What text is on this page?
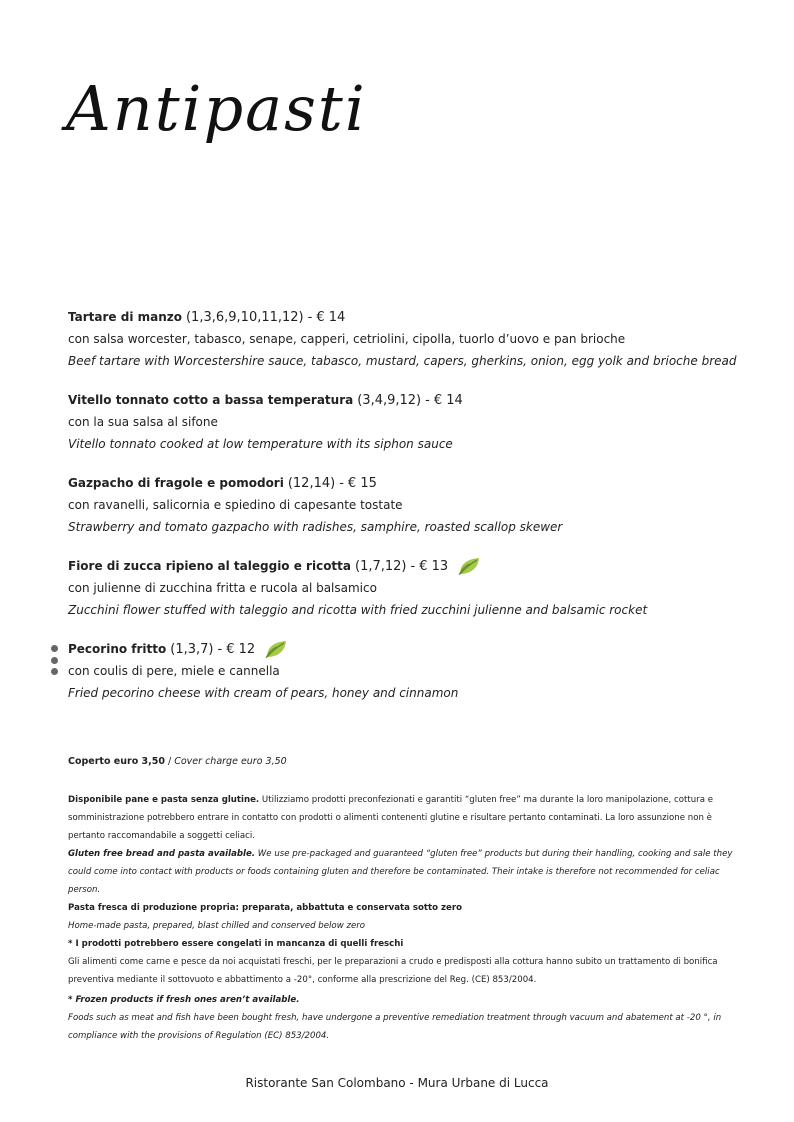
Antipasti
Tartare di manzo (1,3,6,9,10,11,12) - € 14
con salsa worcester, tabasco, senape, capperi, cetriolini, cipolla, tuorlo d’uovo e pan brioche
Beef tartare with Worcestershire sauce, tabasco, mustard, capers, gherkins, onion, egg yolk and brioche bread
Vitello tonnato cotto a bassa temperatura (3,4,9,12) - € 14
con la sua salsa al sifone
Vitello tonnato cooked at low temperature with its siphon sauce
Gazpacho di fragole e pomodori (12,14) - € 15
con ravanelli, salicornia e spiedino di capesante tostate
Strawberry and tomato gazpacho with radishes, samphire, roasted scallop skewer
Fiore di zucca ripieno al taleggio e ricotta (1,7,12) - € 13
con julienne di zucchina fritta e rucola al balsamico
Zucchini flower stuffed with taleggio and ricotta with fried zucchini julienne and balsamic rocket
Pecorino fritto (1,3,7) - € 12
con coulis di pere, miele e cannella
Fried pecorino cheese with cream of pears, honey and cinnamon
Coperto euro 3,50 / Cover charge euro 3,50

Disponibile pane e pasta senza glutine. Utilizziamo prodotti preconfezionati e garantiti “gluten free” ma durante la loro manipolazione, cottura e somministrazione potrebbero entrare in contatto con prodotti o alimenti contenenti glutine e risultare pertanto contaminati. La loro assunzione non è pertanto raccomandabile a soggetti celiaci.

Gluten free bread and pasta available. We use pre-packaged and guaranteed “gluten free” products but during their handling, cooking and sale they could come into contact with products or foods containing gluten and therefore be contaminated. Their intake is therefore not recommended for celiac person.

Pasta fresca di produzione propria: preparata, abbattuta e conservata sotto zero

Home-made pasta, prepared, blast chilled and conserved below zero

* I prodotti potrebbero essere congelati in mancanza di quelli freschi

Gli alimenti come carne e pesce da noi acquistati freschi, per le preparazioni a crudo e predisposti alla cottura hanno subito un trattamento di bonifica preventiva mediante il sottovuoto e abbattimento a -20°, conforme alla prescrizione del Reg. (CE) 853/2004.

* Frozen products if fresh ones aren’t available.

Foods such as meat and fish have been bought fresh, have undergone a preventive remediation treatment through vacuum and abatement at -20 °, in compliance with the provisions of Regulation (EC) 853/2004.

Ristorante San Colombano - Mura Urbane di Lucca
